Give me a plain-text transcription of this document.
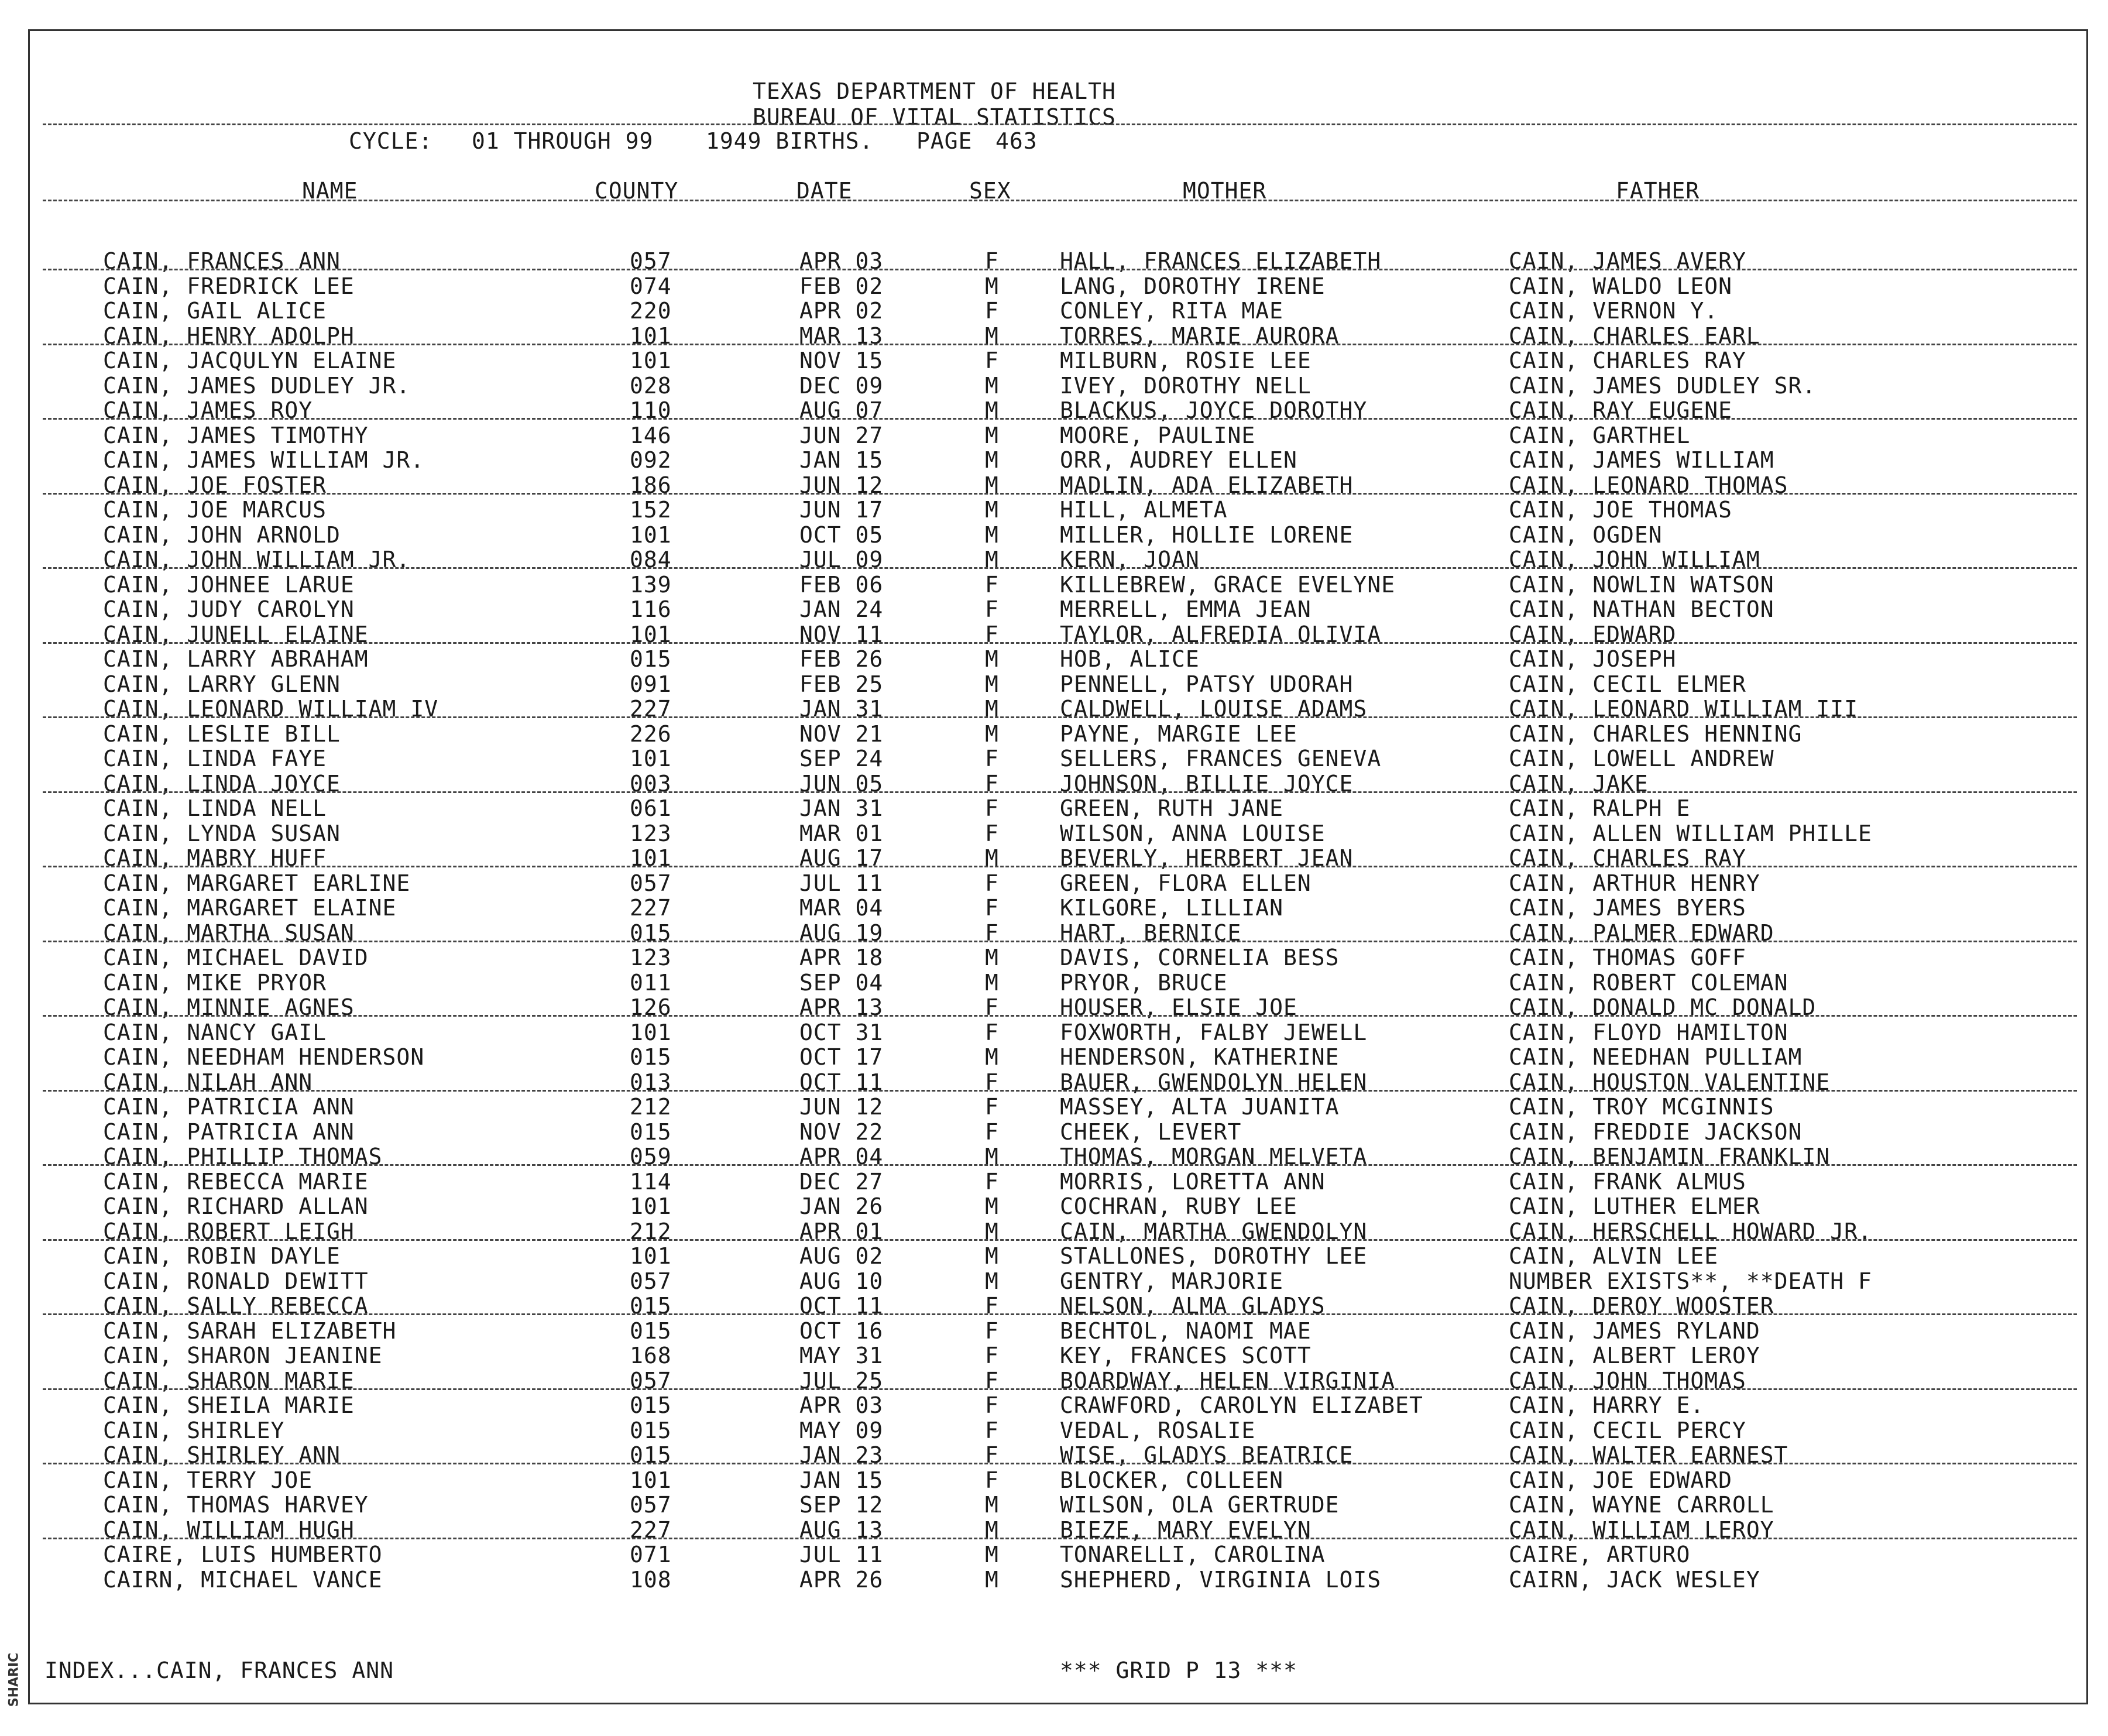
SHARIC
TEXAS DEPARTMENT OF HEALTH
BUREAU OF VITAL STATISTICS
CYCLE: 01 THROUGH 99 1949 BIRTHS. PAGE 463
NAME	COUNTY	DATE	SEX	MOTHER	FATHER
CAIN, FRANCES ANN	057	APR 03	F	HALL, FRANCES ELIZABETH	CAIN, JAMES AVERY
CAIN, FREDRICK LEE	074	FEB 02	M	LANG, DOROTHY IRENE	CAIN, WALDO LEON
CAIN, GAIL ALICE	220	APR 02	F	CONLEY, RITA MAE	CAIN, VERNON Y.
CAIN, HENRY ADOLPH	101	MAR 13	M	TORRES, MARIE AURORA	CAIN, CHARLES EARL
CAIN, JACQULYN ELAINE	101	NOV 15	F	MILBURN, ROSIE LEE	CAIN, CHARLES RAY
CAIN, JAMES DUDLEY JR.	028	DEC 09	M	IVEY, DOROTHY NELL	CAIN, JAMES DUDLEY SR.
CAIN, JAMES ROY	110	AUG 07	M	BLACKUS, JOYCE DOROTHY	CAIN, RAY EUGENE
CAIN, JAMES TIMOTHY	146	JUN 27	M	MOORE, PAULINE	CAIN, GARTHEL
CAIN, JAMES WILLIAM JR.	092	JAN 15	M	ORR, AUDREY ELLEN	CAIN, JAMES WILLIAM
CAIN, JOE FOSTER	186	JUN 12	M	MADLIN, ADA ELIZABETH	CAIN, LEONARD THOMAS
CAIN, JOE MARCUS	152	JUN 17	M	HILL, ALMETA	CAIN, JOE THOMAS
CAIN, JOHN ARNOLD	101	OCT 05	M	MILLER, HOLLIE LORENE	CAIN, OGDEN
CAIN, JOHN WILLIAM JR.	084	JUL 09	M	KERN, JOAN	CAIN, JOHN WILLIAM
CAIN, JOHNEE LARUE	139	FEB 06	F	KILLEBREW, GRACE EVELYNE	CAIN, NOWLIN WATSON
CAIN, JUDY CAROLYN	116	JAN 24	F	MERRELL, EMMA JEAN	CAIN, NATHAN BECTON
CAIN, JUNELL ELAINE	101	NOV 11	F	TAYLOR, ALFREDIA OLIVIA	CAIN, EDWARD
CAIN, LARRY ABRAHAM	015	FEB 26	M	HOB, ALICE	CAIN, JOSEPH
CAIN, LARRY GLENN	091	FEB 25	M	PENNELL, PATSY UDORAH	CAIN, CECIL ELMER
CAIN, LEONARD WILLIAM IV	227	JAN 31	M	CALDWELL, LOUISE ADAMS	CAIN, LEONARD WILLIAM III
CAIN, LESLIE BILL	226	NOV 21	M	PAYNE, MARGIE LEE	CAIN, CHARLES HENNING
CAIN, LINDA FAYE	101	SEP 24	F	SELLERS, FRANCES GENEVA	CAIN, LOWELL ANDREW
CAIN, LINDA JOYCE	003	JUN 05	F	JOHNSON, BILLIE JOYCE	CAIN, JAKE
CAIN, LINDA NELL	061	JAN 31	F	GREEN, RUTH JANE	CAIN, RALPH E
CAIN, LYNDA SUSAN	123	MAR 01	F	WILSON, ANNA LOUISE	CAIN, ALLEN WILLIAM PHILLE
CAIN, MABRY HUFF	101	AUG 17	M	BEVERLY, HERBERT JEAN	CAIN, CHARLES RAY
CAIN, MARGARET EARLINE	057	JUL 11	F	GREEN, FLORA ELLEN	CAIN, ARTHUR HENRY
CAIN, MARGARET ELAINE	227	MAR 04	F	KILGORE, LILLIAN	CAIN, JAMES BYERS
CAIN, MARTHA SUSAN	015	AUG 19	F	HART, BERNICE	CAIN, PALMER EDWARD
CAIN, MICHAEL DAVID	123	APR 18	M	DAVIS, CORNELIA BESS	CAIN, THOMAS GOFF
CAIN, MIKE PRYOR	011	SEP 04	M	PRYOR, BRUCE	CAIN, ROBERT COLEMAN
CAIN, MINNIE AGNES	126	APR 13	F	HOUSER, ELSIE JOE	CAIN, DONALD MC DONALD
CAIN, NANCY GAIL	101	OCT 31	F	FOXWORTH, FALBY JEWELL	CAIN, FLOYD HAMILTON
CAIN, NEEDHAM HENDERSON	015	OCT 17	M	HENDERSON, KATHERINE	CAIN, NEEDHAN PULLIAM
CAIN, NILAH ANN	013	OCT 11	F	BAUER, GWENDOLYN HELEN	CAIN, HOUSTON VALENTINE
CAIN, PATRICIA ANN	212	JUN 12	F	MASSEY, ALTA JUANITA	CAIN, TROY MCGINNIS
CAIN, PATRICIA ANN	015	NOV 22	F	CHEEK, LEVERT	CAIN, FREDDIE JACKSON
CAIN, PHILLIP THOMAS	059	APR 04	M	THOMAS, MORGAN MELVETA	CAIN, BENJAMIN FRANKLIN
CAIN, REBECCA MARIE	114	DEC 27	F	MORRIS, LORETTA ANN	CAIN, FRANK ALMUS
CAIN, RICHARD ALLAN	101	JAN 26	M	COCHRAN, RUBY LEE	CAIN, LUTHER ELMER
CAIN, ROBERT LEIGH	212	APR 01	M	CAIN, MARTHA GWENDOLYN	CAIN, HERSCHELL HOWARD JR.
CAIN, ROBIN DAYLE	101	AUG 02	M	STALLONES, DOROTHY LEE	CAIN, ALVIN LEE
CAIN, RONALD DEWITT	057	AUG 10	M	GENTRY, MARJORIE	NUMBER EXISTS**, **DEATH F
CAIN, SALLY REBECCA	015	OCT 11	F	NELSON, ALMA GLADYS	CAIN, DEROY WOOSTER
CAIN, SARAH ELIZABETH	015	OCT 16	F	BECHTOL, NAOMI MAE	CAIN, JAMES RYLAND
CAIN, SHARON JEANINE	168	MAY 31	F	KEY, FRANCES SCOTT	CAIN, ALBERT LEROY
CAIN, SHARON MARIE	057	JUL 25	F	BOARDWAY, HELEN VIRGINIA	CAIN, JOHN THOMAS
CAIN, SHEILA MARIE	015	APR 03	F	CRAWFORD, CAROLYN ELIZABET	CAIN, HARRY E.
CAIN, SHIRLEY	015	MAY 09	F	VEDAL, ROSALIE	CAIN, CECIL PERCY
CAIN, SHIRLEY ANN	015	JAN 23	F	WISE, GLADYS BEATRICE	CAIN, WALTER EARNEST
CAIN, TERRY JOE	101	JAN 15	F	BLOCKER, COLLEEN	CAIN, JOE EDWARD
CAIN, THOMAS HARVEY	057	SEP 12	M	WILSON, OLA GERTRUDE	CAIN, WAYNE CARROLL
CAIN, WILLIAM HUGH	227	AUG 13	M	BIEZE, MARY EVELYN	CAIN, WILLIAM LEROY
CAIRE, LUIS HUMBERTO	071	JUL 11	M	TONARELLI, CAROLINA	CAIRE, ARTURO
CAIRN, MICHAEL VANCE	108	APR 26	M	SHEPHERD, VIRGINIA LOIS	CAIRN, JACK WESLEY
INDEX...CAIN, FRANCES ANN	*** GRID P 13 ***
